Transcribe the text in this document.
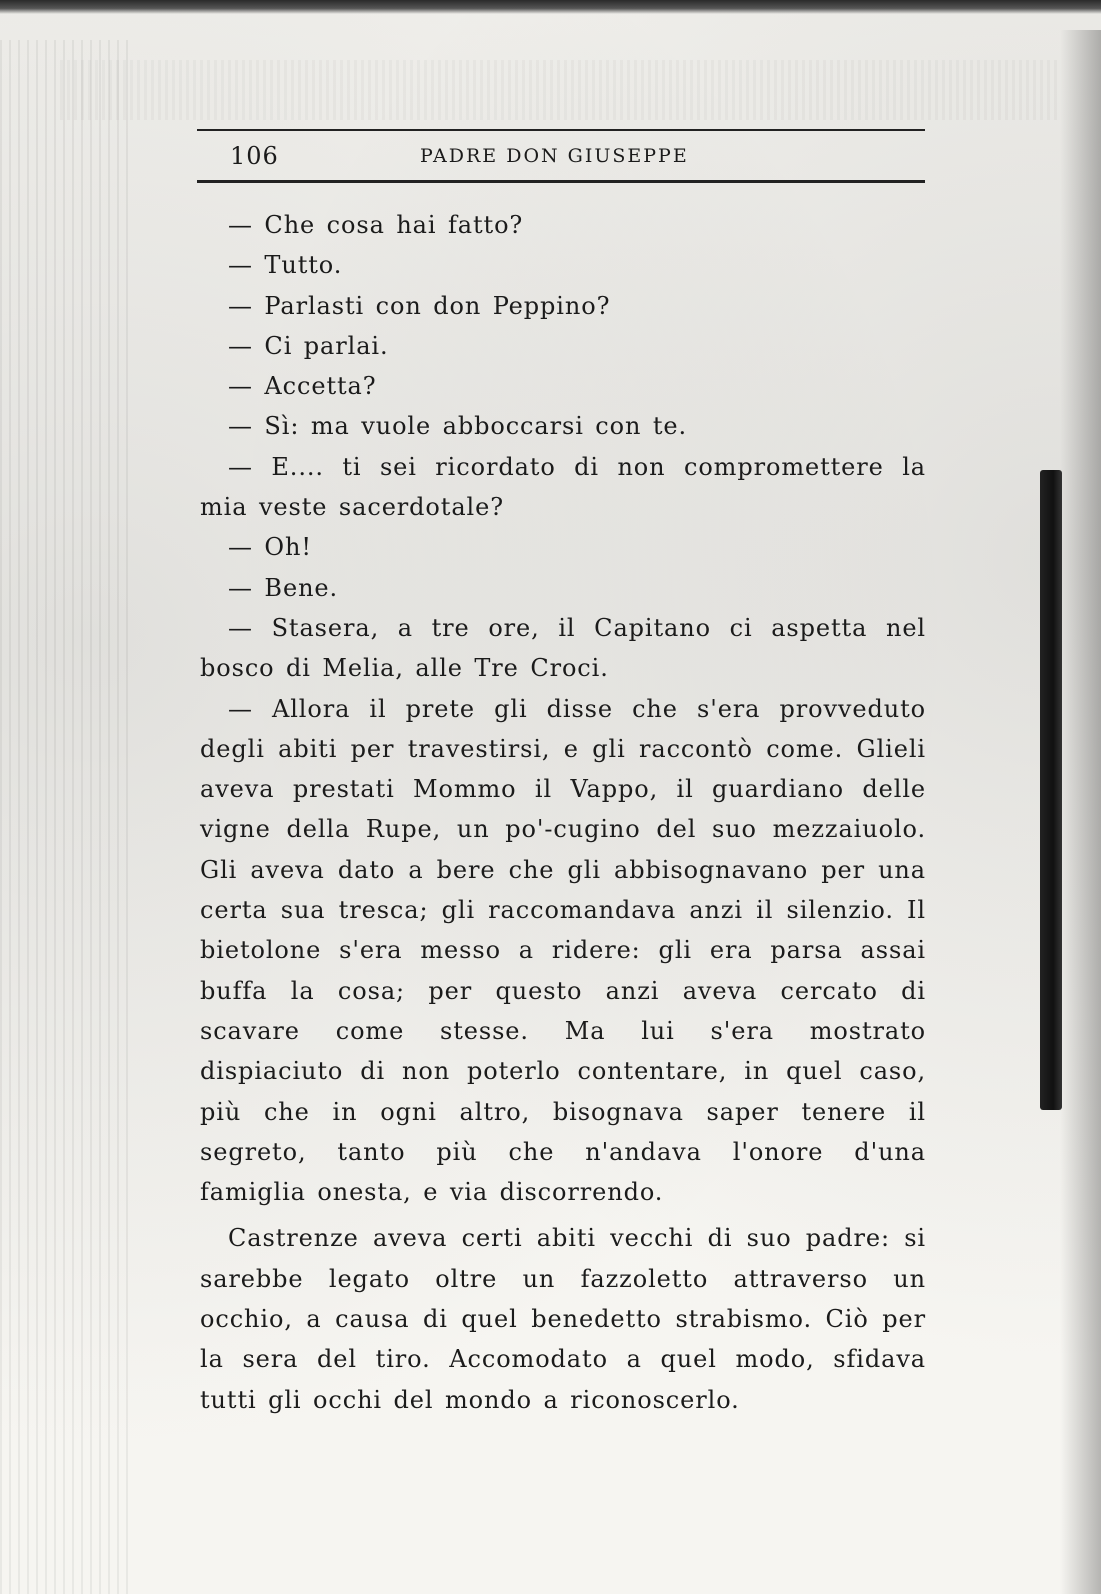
106	PADRE DON GIUSEPPE

— Che cosa hai fatto?

— Tutto.

— Parlasti con don Peppino?

— Ci parlai.

— Accetta?

— Sì: ma vuole abboccarsi con te.

— E.... ti sei ricordato di non compromettere la mia veste sacerdotale?

— Oh!

— Bene.

— Stasera, a tre ore, il Capitano ci aspetta nel bosco di Melia, alle Tre Croci.

— Allora il prete gli disse che s'era provveduto degli abiti per travestirsi, e gli raccontò come. Glieli aveva prestati Mommo il Vappo, il guardiano delle vigne della Rupe, un po'-cugino del suo mezzaiuolo. Gli aveva dato a bere che gli abbisognavano per una certa sua tresca; gli raccomandava anzi il silenzio. Il bietolone s'era messo a ridere: gli era parsa assai buffa la cosa; per questo anzi aveva cercato di scavare come stesse. Ma lui s'era mostrato dispiaciuto di non poterlo contentare, in quel caso, più che in ogni altro, bisognava saper tenere il segreto, tanto più che n'andava l'onore d'una famiglia onesta, e via discorrendo.

Castrenze aveva certi abiti vecchi di suo padre: si sarebbe legato oltre un fazzoletto attraverso un occhio, a causa di quel benedetto strabismo. Ciò per la sera del tiro. Accomodato a quel modo, sfidava tutti gli occhi del mondo a riconoscerlo.
